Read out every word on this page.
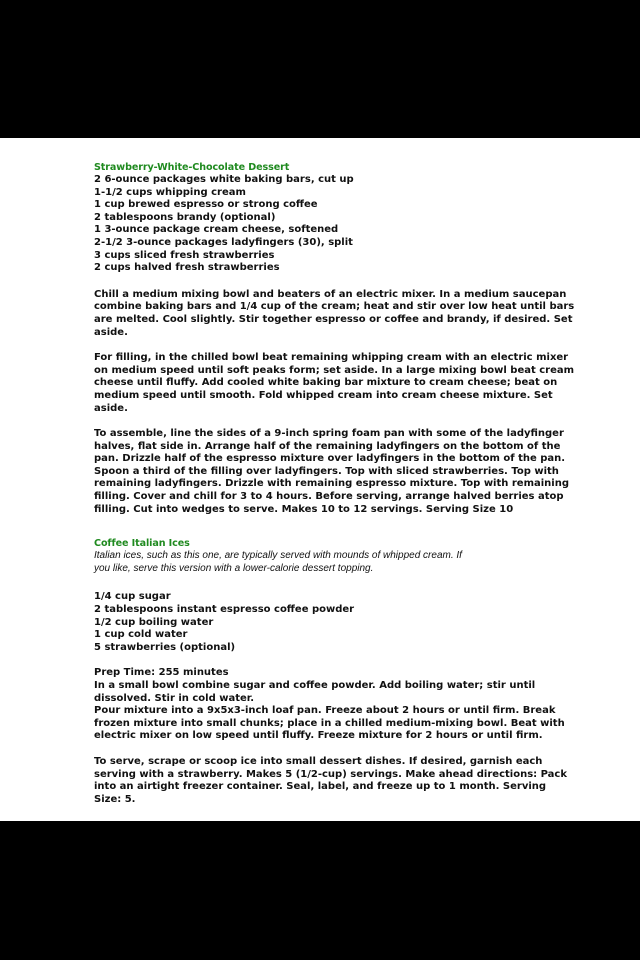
Strawberry-White-Chocolate Dessert
2 6-ounce packages white baking bars, cut up
1-1/2 cups whipping cream
1 cup brewed espresso or strong coffee
2 tablespoons brandy (optional)
1 3-ounce package cream cheese, softened
2-1/2 3-ounce packages ladyfingers (30), split
3 cups sliced fresh strawberries
2 cups halved fresh strawberries
Chill a medium mixing bowl and beaters of an electric mixer. In a medium saucepan
combine baking bars and 1/4 cup of the cream; heat and stir over low heat until bars
are melted. Cool slightly. Stir together espresso or coffee and brandy, if desired. Set
aside.
For filling, in the chilled bowl beat remaining whipping cream with an electric mixer
on medium speed until soft peaks form; set aside. In a large mixing bowl beat cream
cheese until fluffy. Add cooled white baking bar mixture to cream cheese; beat on
medium speed until smooth. Fold whipped cream into cream cheese mixture. Set
aside.
To assemble, line the sides of a 9-inch spring foam pan with some of the ladyfinger
halves, flat side in. Arrange half of the remaining ladyfingers on the bottom of the
pan. Drizzle half of the espresso mixture over ladyfingers in the bottom of the pan.
Spoon a third of the filling over ladyfingers. Top with sliced strawberries. Top with
remaining ladyfingers. Drizzle with remaining espresso mixture. Top with remaining
filling. Cover and chill for 3 to 4 hours. Before serving, arrange halved berries atop
filling. Cut into wedges to serve. Makes 10 to 12 servings. Serving Size 10
Coffee Italian Ices
Italian ices, such as this one, are typically served with mounds of whipped cream. If
you like, serve this version with a lower-calorie dessert topping.
1/4 cup sugar
2 tablespoons instant espresso coffee powder
1/2 cup boiling water
1 cup cold water
5 strawberries (optional)
Prep Time: 255 minutes
In a small bowl combine sugar and coffee powder. Add boiling water; stir until
dissolved. Stir in cold water.
Pour mixture into a 9x5x3-inch loaf pan. Freeze about 2 hours or until firm. Break
frozen mixture into small chunks; place in a chilled medium-mixing bowl. Beat with
electric mixer on low speed until fluffy. Freeze mixture for 2 hours or until firm.
To serve, scrape or scoop ice into small dessert dishes. If desired, garnish each
serving with a strawberry. Makes 5 (1/2-cup) servings. Make ahead directions: Pack
into an airtight freezer container. Seal, label, and freeze up to 1 month. Serving
Size: 5.
